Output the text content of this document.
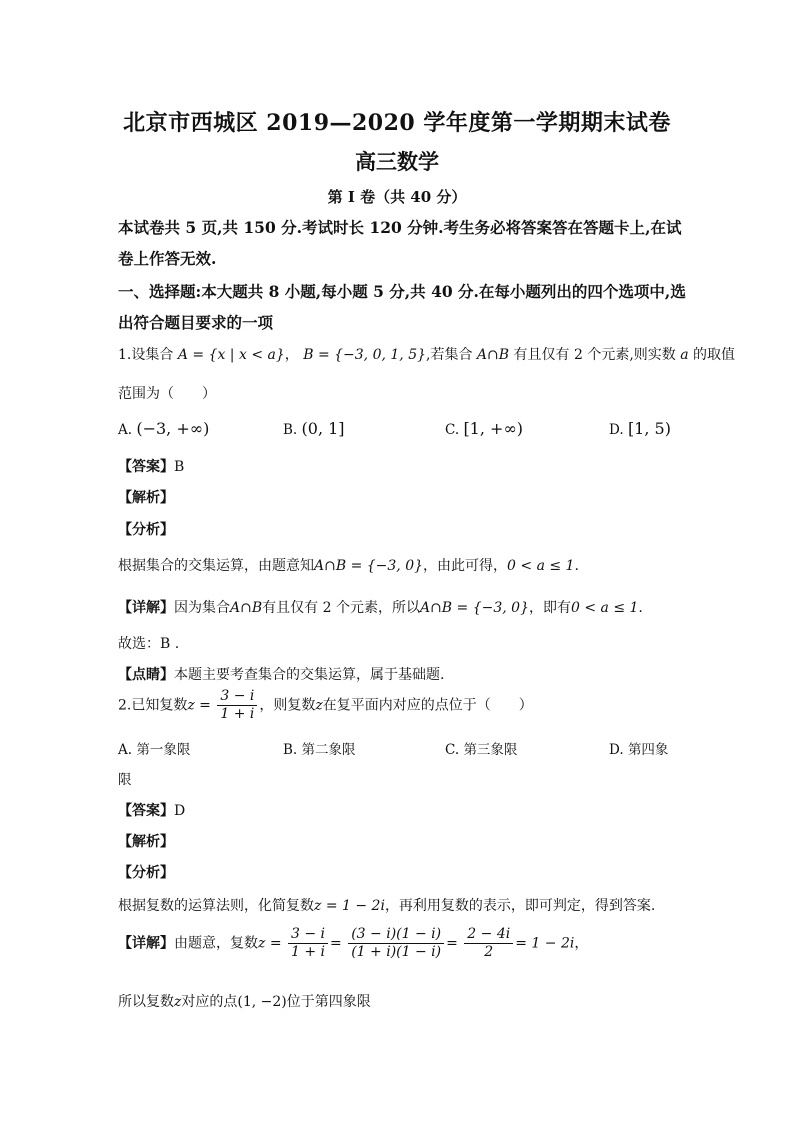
北京市西城区 2019—2020 学年度第一学期期末试卷
高三数学
第 I 卷（共 40 分）
本试卷共 5 页,共 150 分.考试时长 120 分钟.考生务必将答案答在答题卡上,在试
卷上作答无效.
一、选择题:本大题共 8 小题,每小题 5 分,共 40 分.在每小题列出的四个选项中,选
出符合题目要求的一项
1.设集合 A = {x | x < a}， B = {−3, 0, 1, 5},若集合 A∩B 有且仅有 2 个元素,则实数 a 的取值
范围为（　　）
A. (−3, +∞)	B. (0, 1]	C. [1, +∞)	D. [1, 5)
【答案】B
【解析】
【分析】
根据集合的交集运算，由题意知A∩B = {−3, 0}，由此可得，0 < a ≤ 1.
【详解】因为集合A∩B有且仅有 2 个元素，所以A∩B = {−3, 0}，即有0 < a ≤ 1.
故选：B .
【点睛】本题主要考查集合的交集运算，属于基础题.
2.已知复数$z = \frac{3 - i}{1 + i}$ ，则复数z在复平面内对应的点位于（　　）
A. 第一象限	B. 第二象限	C. 第三象限	D. 第四象
限
【答案】D
【解析】
【分析】
根据复数的运算法则，化简复数z = 1 − 2i，再利用复数的表示，即可判定，得到答案.
【详解】由题意，复数$z = \frac{3 - i}{1 + i} = \frac{(3 - i)(1 - i)}{(1 + i)(1 - i)} = \frac{2 - 4i}{2} = 1 - 2i$，
所以复数z对应的点(1, −2)位于第四象限
